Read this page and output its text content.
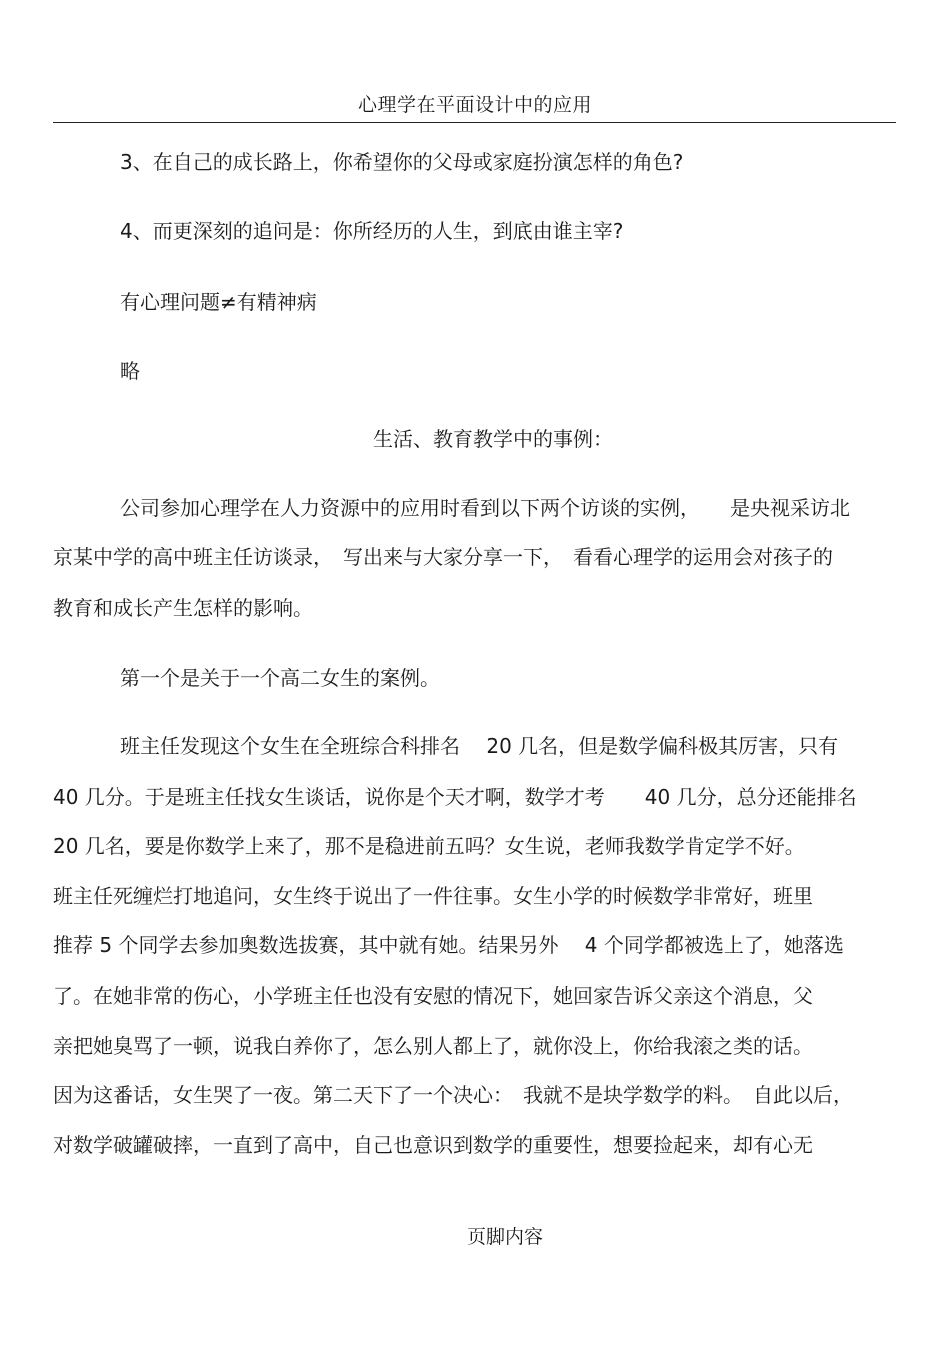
心理学在平面设计中的应用
3、在自己的成长路上，你希望你的父母或家庭扮演怎样的角色?
4、而更深刻的追问是：你所经历的人生，到底由谁主宰?
有心理问题≠有精神病
略
生活、教育教学中的事例：
公司参加心理学在人力资源中的应用时看到以下两个访谈的实例，　　是央视采访北
京某中学的高中班主任访谈录，　写出来与大家分享一下，　看看心理学的运用会对孩子的
教育和成长产生怎样的影响。
第一个是关于一个高二女生的案例。
班主任发现这个女生在全班综合科排名　 20 几名，但是数学偏科极其厉害，只有
40 几分。于是班主任找女生谈话，说你是个天才啊，数学才考　　40 几分，总分还能排名
20 几名，要是你数学上来了，那不是稳进前五吗？女生说，老师我数学肯定学不好。
班主任死缠烂打地追问，女生终于说出了一件往事。女生小学的时候数学非常好，班里
推荐 5 个同学去参加奥数选拔赛，其中就有她。结果另外　 4 个同学都被选上了，她落选
了。在她非常的伤心，小学班主任也没有安慰的情况下，她回家告诉父亲这个消息，父
亲把她臭骂了一顿，说我白养你了，怎么别人都上了，就你没上，你给我滚之类的话。
因为这番话，女生哭了一夜。第二天下了一个决心：　我就不是块学数学的料。　自此以后，
对数学破罐破摔，一直到了高中，自己也意识到数学的重要性，想要捡起来，却有心无
页脚内容
